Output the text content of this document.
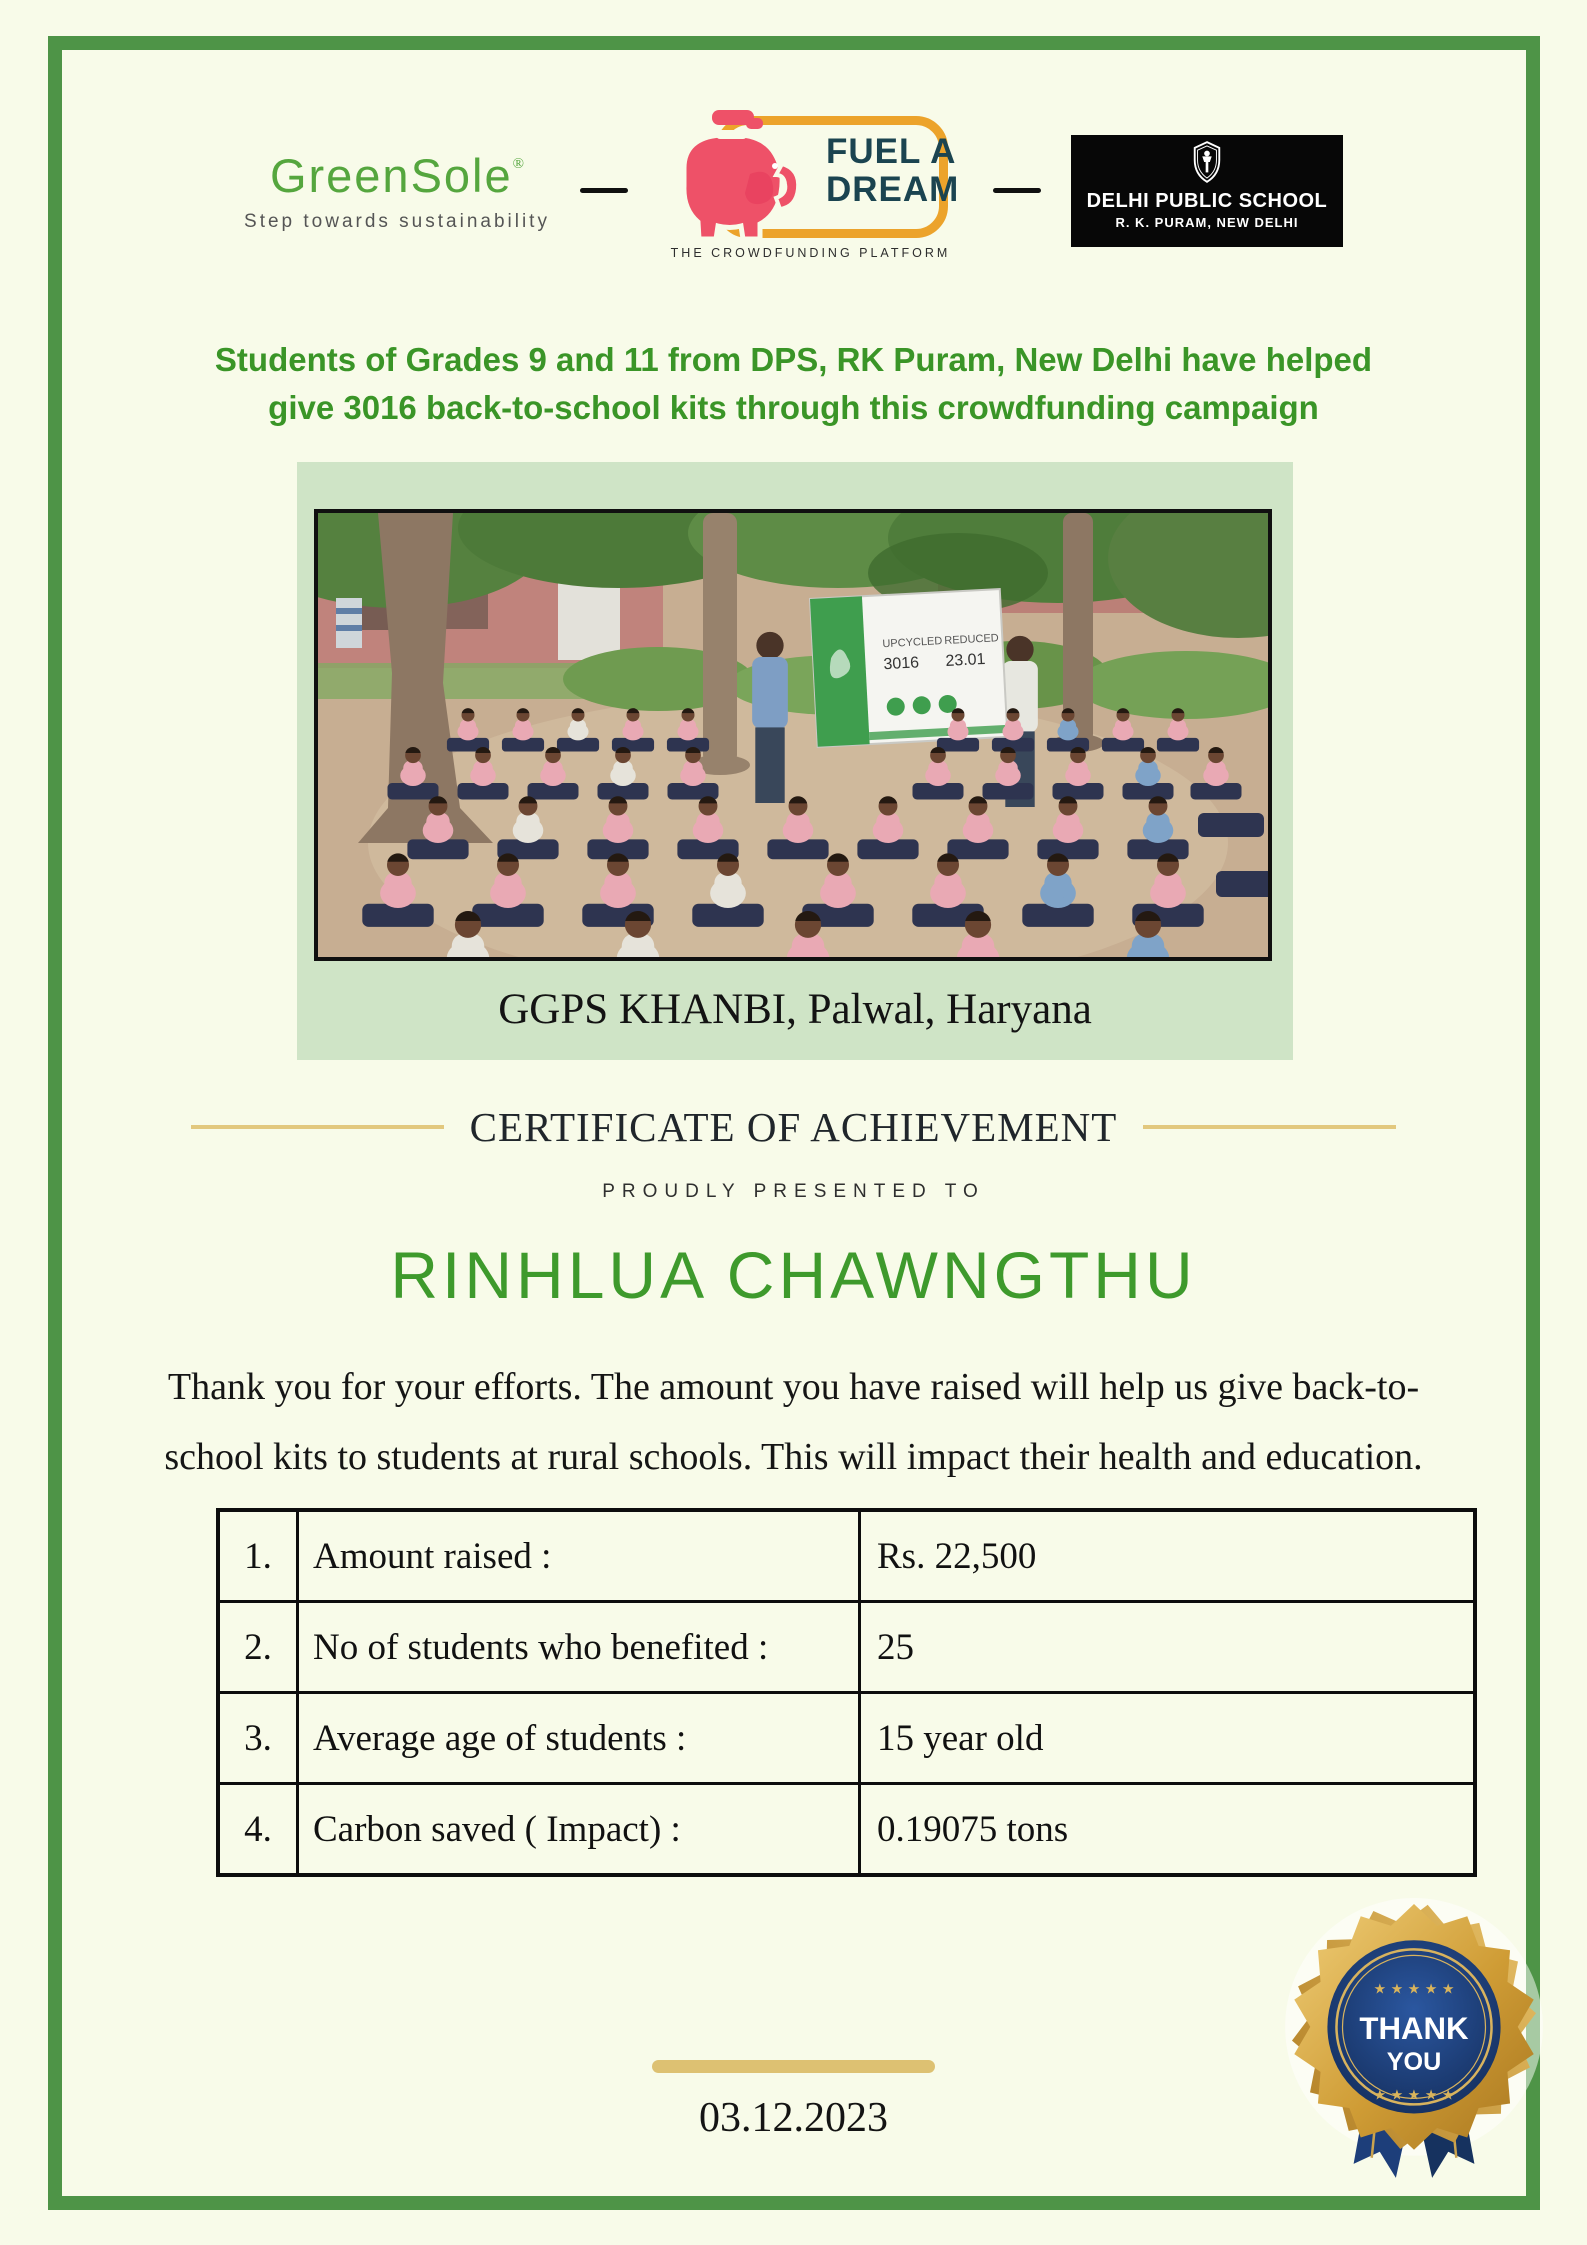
GreenSole®
Step towards sustainability
FUEL A
DREAM
THE CROWDFUNDING PLATFORM
DELHI PUBLIC SCHOOL
R. K. PURAM, NEW DELHI
Students of Grades 9 and 11 from DPS, RK Puram, New Delhi have helped
give 3016 back-to-school kits through this crowdfunding campaign
UPCYCLED
3016
REDUCED
23.01
GGPS KHANBI, Palwal, Haryana
CERTIFICATE OF ACHIEVEMENT
PROUDLY PRESENTED TO
RINHLUA CHAWNGTHU
Thank you for your efforts. The amount you have raised will help us give back-to-
school kits to students at rural schools. This will impact their health and education.
1.	Amount raised :	Rs. 22,500
2.	No of students who benefited :	25
3.	Average age of students :	15 year old
4.	Carbon saved ( Impact) :	0.19075 tons
★ ★ ★ ★ ★
THANK
YOU
★ ★ ★ ★ ★
03.12.2023
